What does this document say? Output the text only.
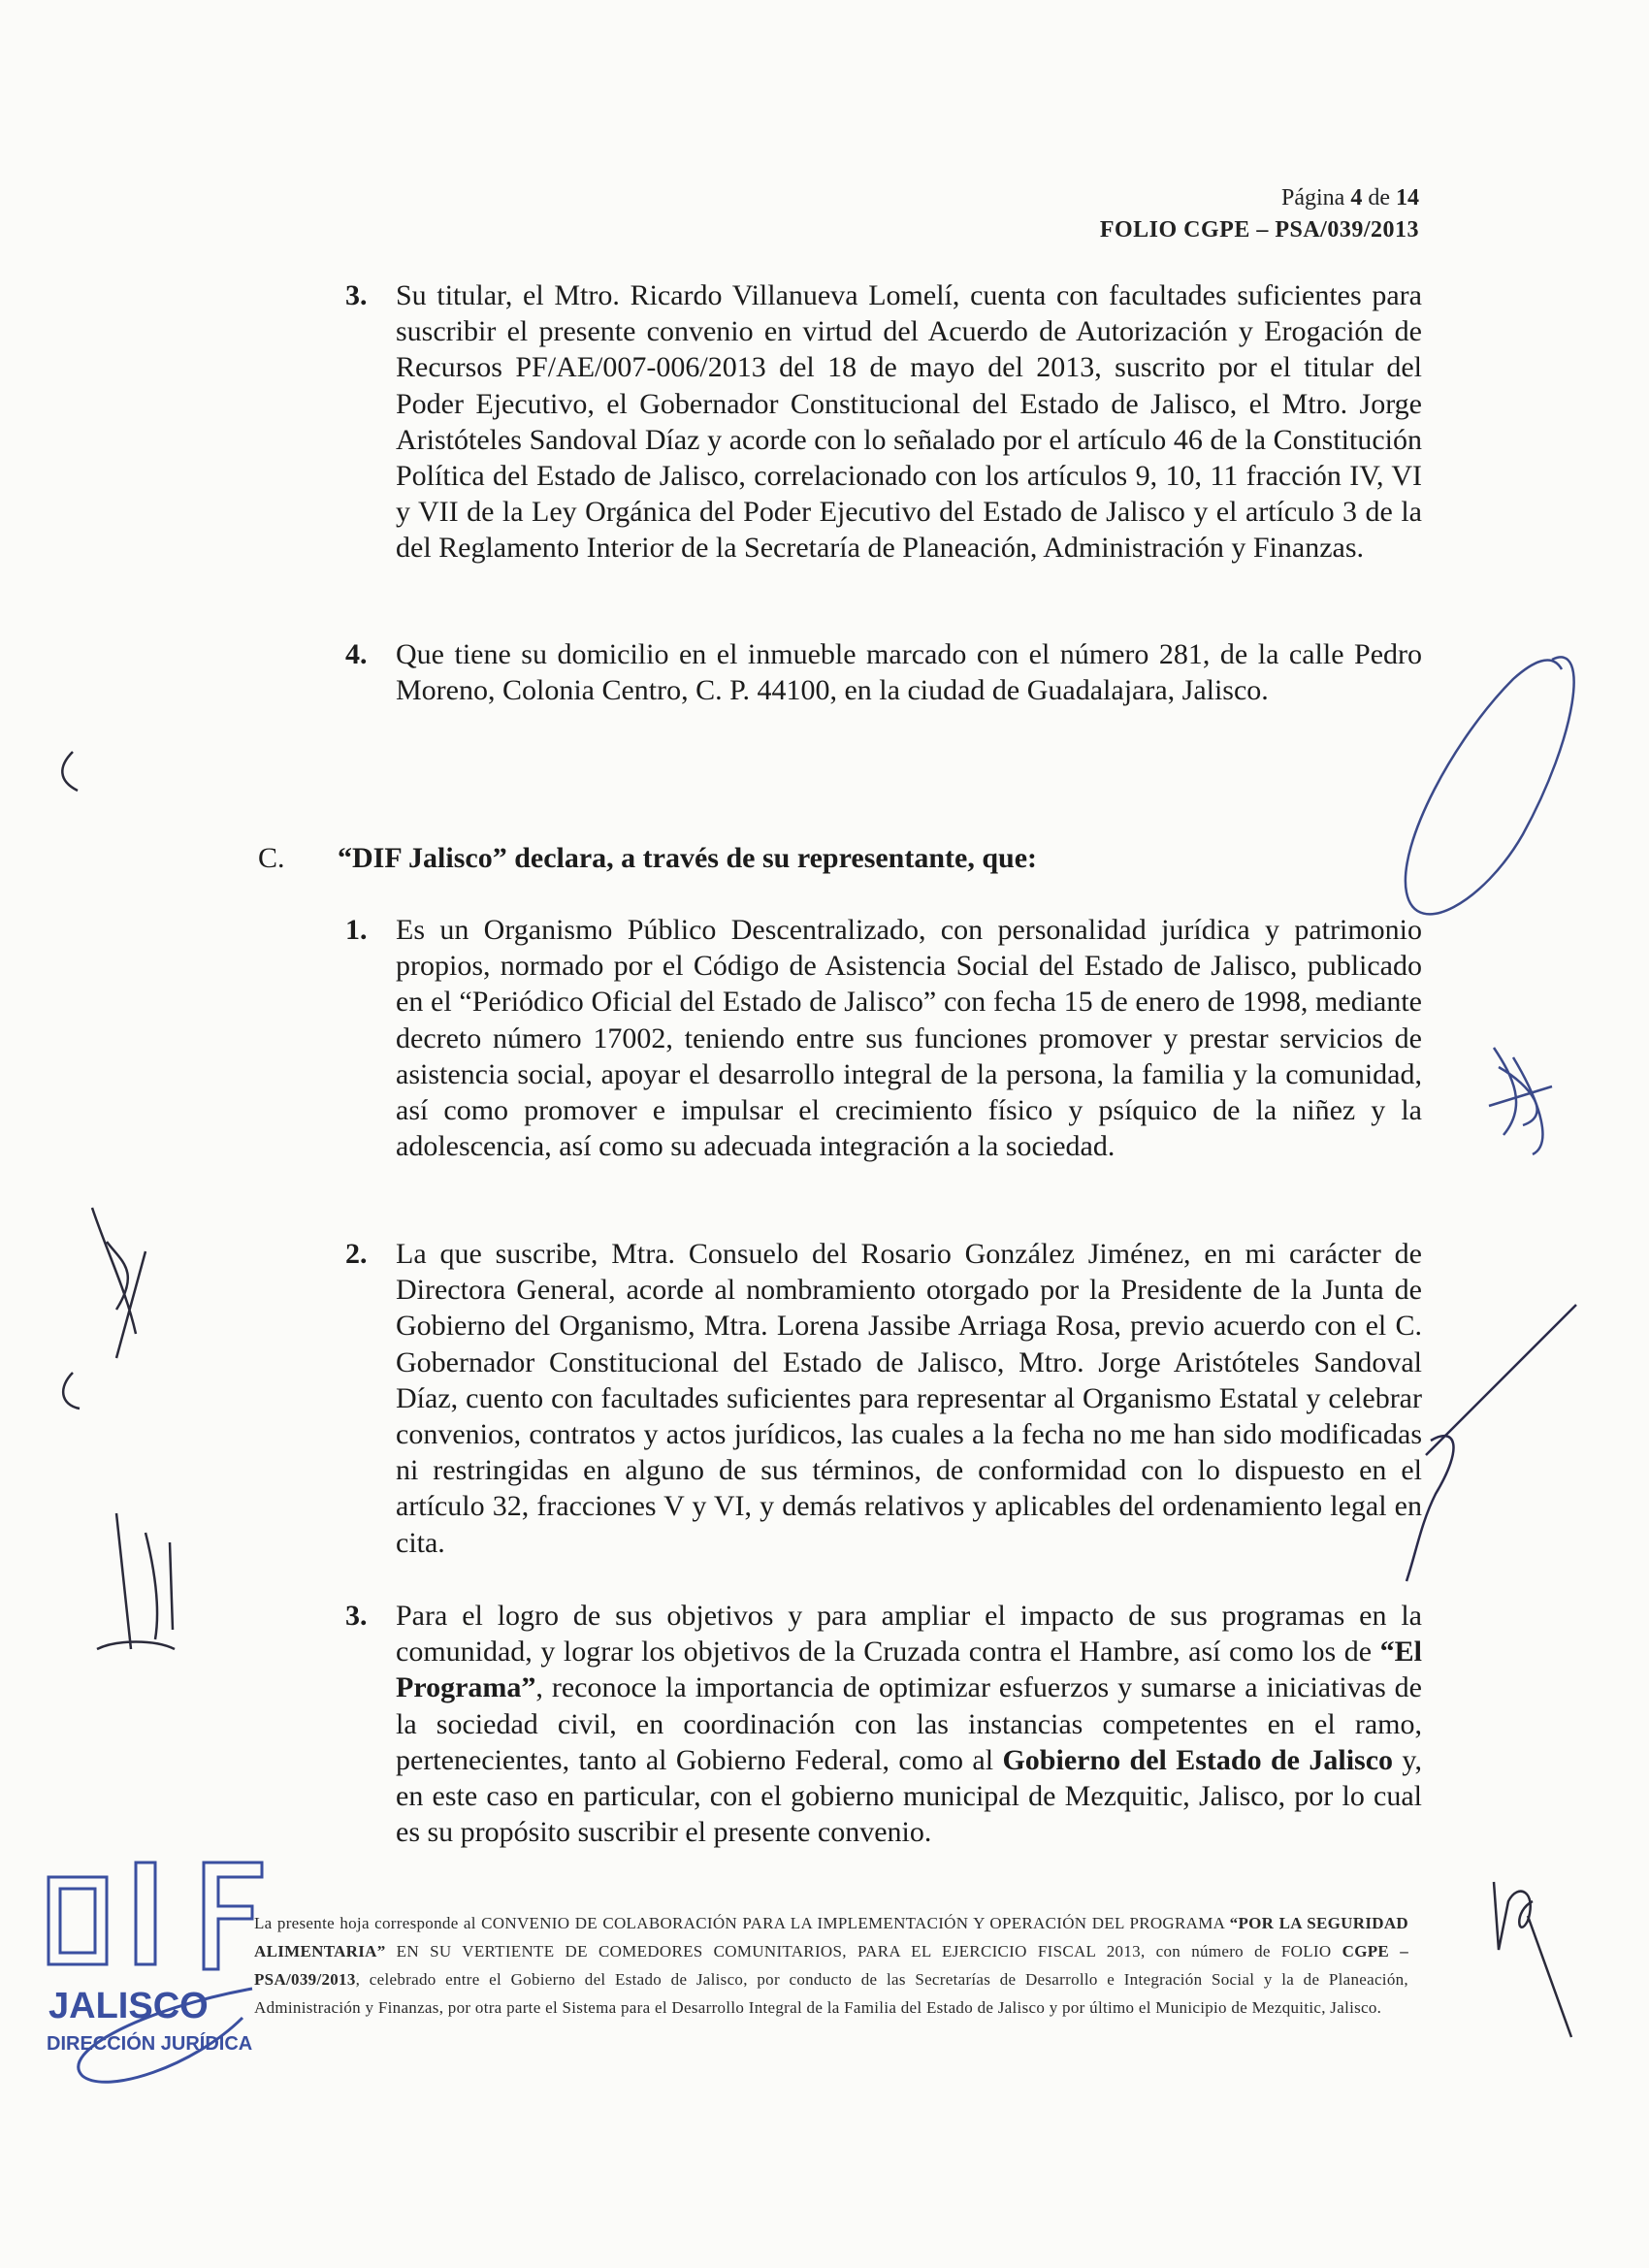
Página 4 de 14
FOLIO CGPE – PSA/039/2013
3. Su titular, el Mtro. Ricardo Villanueva Lomelí, cuenta con facultades suficientes para suscribir el presente convenio en virtud del Acuerdo de Autorización y Erogación de Recursos PF/AE/007-006/2013 del 18 de mayo del 2013, suscrito por el titular del Poder Ejecutivo, el Gobernador Constitucional del Estado de Jalisco, el Mtro. Jorge Aristóteles Sandoval Díaz y acorde con lo señalado por el artículo 46 de la Constitución Política del Estado de Jalisco, correlacionado con los artículos 9, 10, 11 fracción IV, VI y VII de la Ley Orgánica del Poder Ejecutivo del Estado de Jalisco y el artículo 3 de la del Reglamento Interior de la Secretaría de Planeación, Administración y Finanzas.
4. Que tiene su domicilio en el inmueble marcado con el número 281, de la calle Pedro Moreno, Colonia Centro, C. P. 44100, en la ciudad de Guadalajara, Jalisco.
C. “DIF Jalisco” declara, a través de su representante, que:
1. Es un Organismo Público Descentralizado, con personalidad jurídica y patrimonio propios, normado por el Código de Asistencia Social del Estado de Jalisco, publicado en el “Periódico Oficial del Estado de Jalisco” con fecha 15 de enero de 1998, mediante decreto número 17002, teniendo entre sus funciones promover y prestar servicios de asistencia social, apoyar el desarrollo integral de la persona, la familia y la comunidad, así como promover e impulsar el crecimiento físico y psíquico de la niñez y la adolescencia, así como su adecuada integración a la sociedad.
2. La que suscribe, Mtra. Consuelo del Rosario González Jiménez, en mi carácter de Directora General, acorde al nombramiento otorgado por la Presidente de la Junta de Gobierno del Organismo, Mtra. Lorena Jassibe Arriaga Rosa, previo acuerdo con el C. Gobernador Constitucional del Estado de Jalisco, Mtro. Jorge Aristóteles Sandoval Díaz, cuento con facultades suficientes para representar al Organismo Estatal y celebrar convenios, contratos y actos jurídicos, las cuales a la fecha no me han sido modificadas ni restringidas en alguno de sus términos, de conformidad con lo dispuesto en el artículo 32, fracciones V y VI, y demás relativos y aplicables del ordenamiento legal en cita.
3. Para el logro de sus objetivos y para ampliar el impacto de sus programas en la comunidad, y lograr los objetivos de la Cruzada contra el Hambre, así como los de “El Programa”, reconoce la importancia de optimizar esfuerzos y sumarse a iniciativas de la sociedad civil, en coordinación con las instancias competentes en el ramo, pertenecientes, tanto al Gobierno Federal, como al Gobierno del Estado de Jalisco y, en este caso en particular, con el gobierno municipal de Mezquitic, Jalisco, por lo cual es su propósito suscribir el presente convenio.
La presente hoja corresponde al CONVENIO DE COLABORACIÓN PARA LA IMPLEMENTACIÓN Y OPERACIÓN DEL PROGRAMA “POR LA SEGURIDAD ALIMENTARIA” EN SU VERTIENTE DE COMEDORES COMUNITARIOS, PARA EL EJERCICIO FISCAL 2013, con número de FOLIO CGPE – PSA/039/2013, celebrado entre el Gobierno del Estado de Jalisco, por conducto de las Secretarías de Desarrollo e Integración Social y la de Planeación, Administración y Finanzas, por otra parte el Sistema para el Desarrollo Integral de la Familia del Estado de Jalisco y por último el Municipio de Mezquitic, Jalisco.
JALISCO
DIRECCIÓN JURÍDICA
DIF
